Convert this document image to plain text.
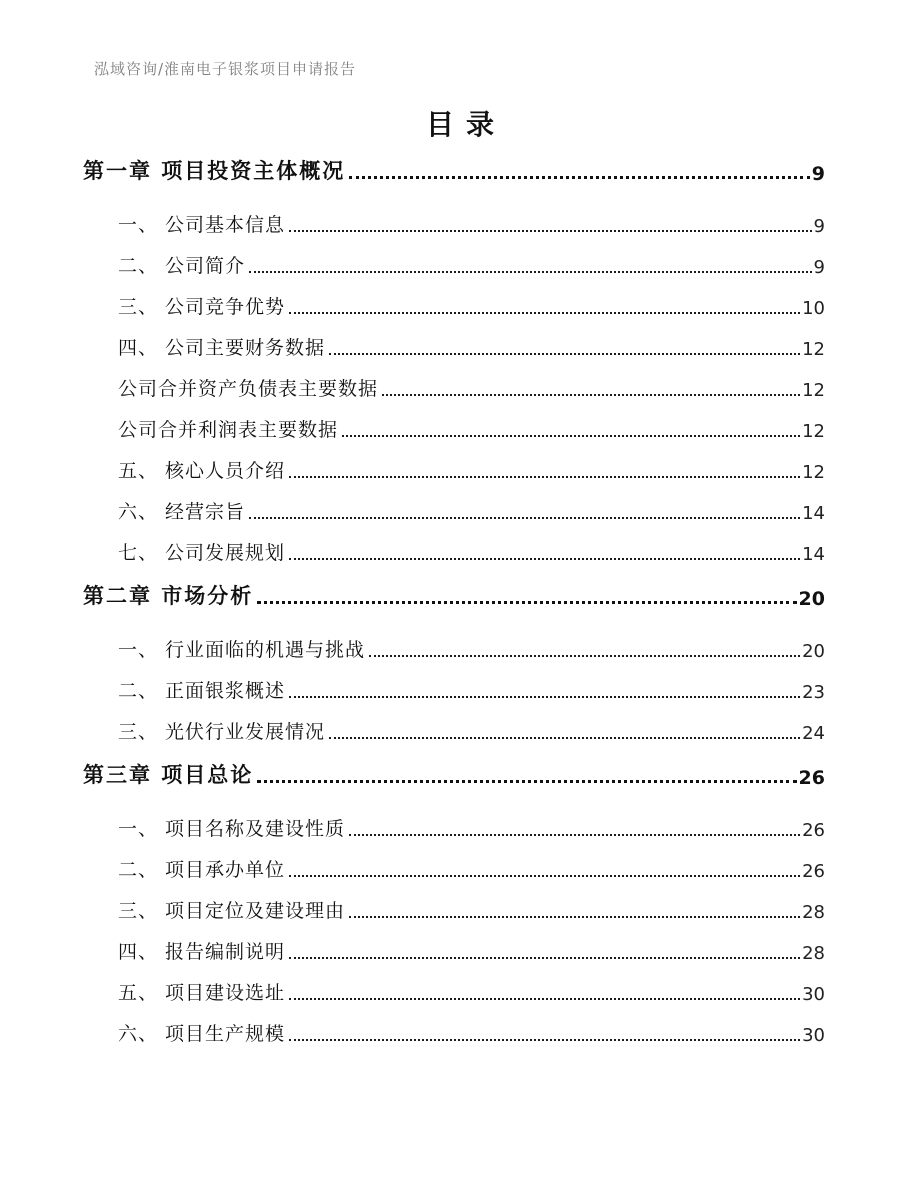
泓域咨询/淮南电子银浆项目申请报告
目录
第一章 项目投资主体概况	9
一、 公司基本信息	9
二、 公司简介	9
三、 公司竞争优势	10
四、 公司主要财务数据	12
公司合并资产负债表主要数据	12
公司合并利润表主要数据	12
五、 核心人员介绍	12
六、 经营宗旨	14
七、 公司发展规划	14
第二章 市场分析	20
一、 行业面临的机遇与挑战	20
二、 正面银浆概述	23
三、 光伏行业发展情况	24
第三章 项目总论	26
一、 项目名称及建设性质	26
二、 项目承办单位	26
三、 项目定位及建设理由	28
四、 报告编制说明	28
五、 项目建设选址	30
六、 项目生产规模	30
